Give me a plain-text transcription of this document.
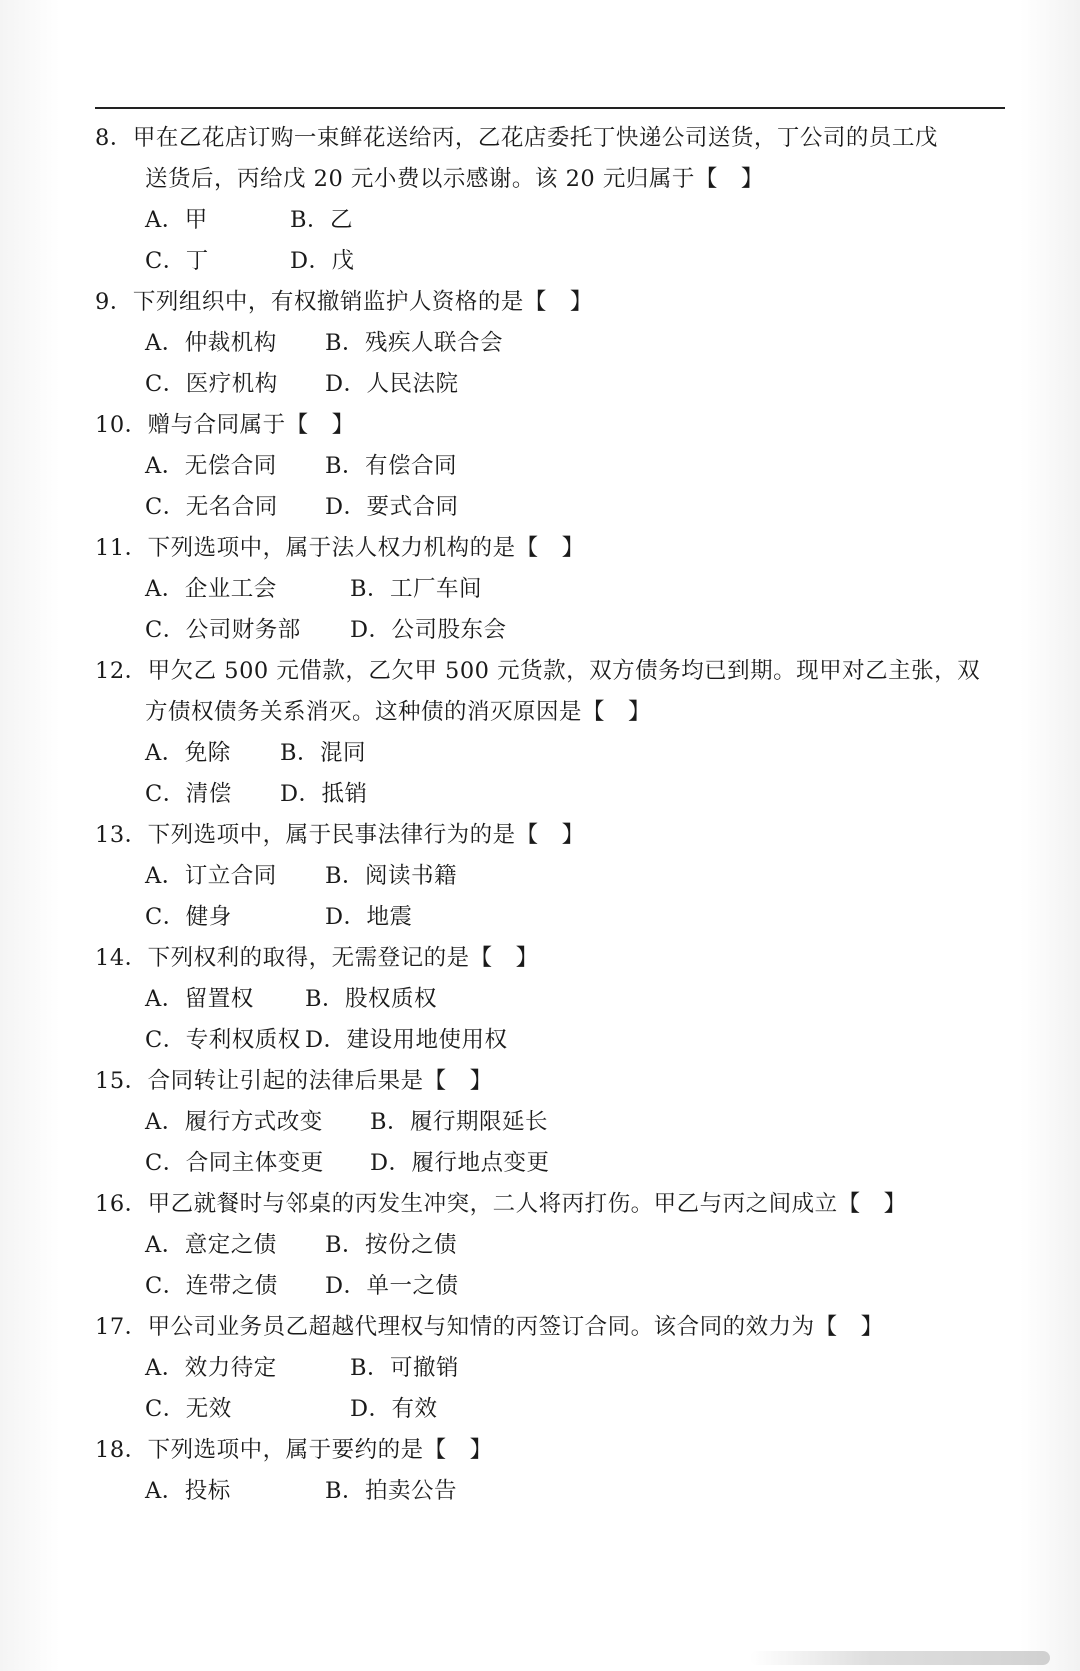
8．甲在乙花店订购一束鲜花送给丙，乙花店委托丁快递公司送货，丁公司的员工戊
送货后，丙给戊 20 元小费以示感谢。该 20 元归属于【　】
A．甲	B．乙
C．丁	D．戊
9．下列组织中，有权撤销监护人资格的是【　】
A．仲裁机构 B．残疾人联合会
C．医疗机构 D．人民法院
10．赠与合同属于【　】
A．无偿合同 B．有偿合同
C．无名合同 D．要式合同
11．下列选项中，属于法人权力机构的是【　】
A．企业工会	B．工厂车间
C．公司财务部 D．公司股东会
12．甲欠乙 500 元借款，乙欠甲 500 元货款，双方债务均已到期。现甲对乙主张，双
方债权债务关系消灭。这种债的消灭原因是【　】
A．免除 B．混同
C．清偿 D．抵销
13．下列选项中，属于民事法律行为的是【　】
A．订立合同 B．阅读书籍
C．健身	D．地震
14．下列权利的取得，无需登记的是【　】
A．留置权 B．股权质权
C．专利权质权 D．建设用地使用权
15．合同转让引起的法律后果是【　】
A．履行方式改变 B．履行期限延长
C．合同主体变更 D．履行地点变更
16．甲乙就餐时与邻桌的丙发生冲突，二人将丙打伤。甲乙与丙之间成立【　】
A．意定之债 B．按份之债
C．连带之债 D．单一之债
17．甲公司业务员乙超越代理权与知情的丙签订合同。该合同的效力为【　】
A．效力待定	B．可撤销
C．无效	D．有效
18．下列选项中，属于要约的是【　】
A．投标	B．拍卖公告
